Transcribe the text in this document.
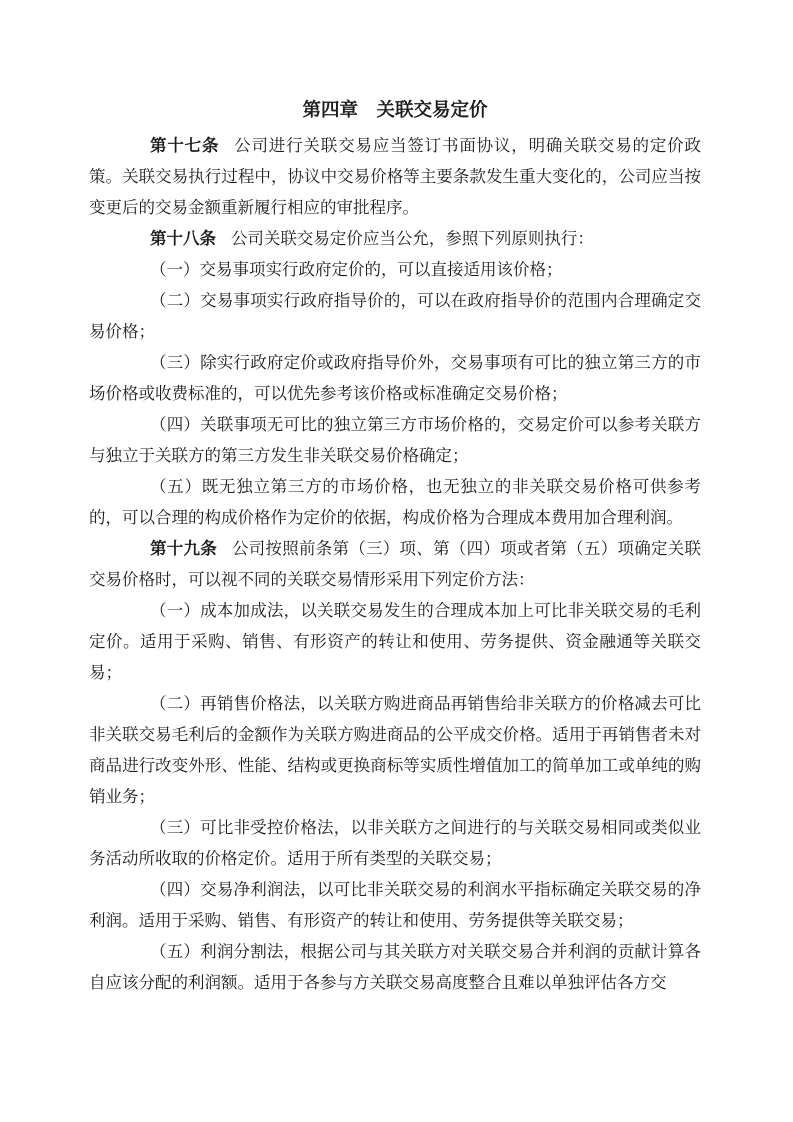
第四章　关联交易定价

第十七条 公司进行关联交易应当签订书面协议，明确关联交易的定价政策。关联交易执行过程中，协议中交易价格等主要条款发生重大变化的，公司应当按变更后的交易金额重新履行相应的审批程序。

第十八条 公司关联交易定价应当公允，参照下列原则执行：

（一）交易事项实行政府定价的，可以直接适用该价格；

（二）交易事项实行政府指导价的，可以在政府指导价的范围内合理确定交易价格；

（三）除实行政府定价或政府指导价外，交易事项有可比的独立第三方的市场价格或收费标准的，可以优先参考该价格或标准确定交易价格；

（四）关联事项无可比的独立第三方市场价格的，交易定价可以参考关联方与独立于关联方的第三方发生非关联交易价格确定；

（五）既无独立第三方的市场价格，也无独立的非关联交易价格可供参考的，可以合理的构成价格作为定价的依据，构成价格为合理成本费用加合理利润。

第十九条 公司按照前条第（三）项、第（四）项或者第（五）项确定关联交易价格时，可以视不同的关联交易情形采用下列定价方法：

（一）成本加成法，以关联交易发生的合理成本加上可比非关联交易的毛利定价。适用于采购、销售、有形资产的转让和使用、劳务提供、资金融通等关联交易；

（二）再销售价格法，以关联方购进商品再销售给非关联方的价格减去可比非关联交易毛利后的金额作为关联方购进商品的公平成交价格。适用于再销售者未对商品进行改变外形、性能、结构或更换商标等实质性增值加工的简单加工或单纯的购销业务；

（三）可比非受控价格法，以非关联方之间进行的与关联交易相同或类似业务活动所收取的价格定价。适用于所有类型的关联交易；

（四）交易净利润法，以可比非关联交易的利润水平指标确定关联交易的净利润。适用于采购、销售、有形资产的转让和使用、劳务提供等关联交易；

（五）利润分割法，根据公司与其关联方对关联交易合并利润的贡献计算各自应该分配的利润额。适用于各参与方关联交易高度整合且难以单独评估各方交
